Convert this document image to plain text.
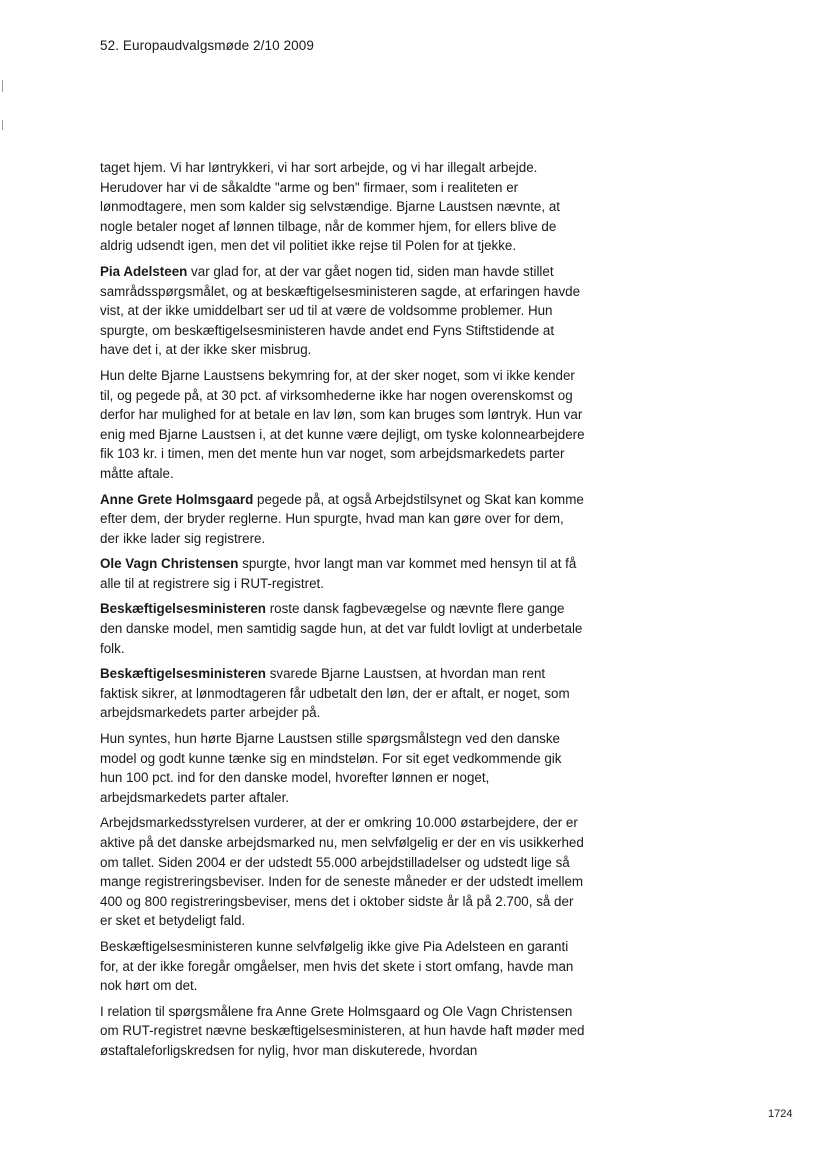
52. Europaudvalgsmøde 2/10 2009

taget hjem. Vi har løntrykkeri, vi har sort arbejde, og vi har illegalt arbejde. Herudover har vi de såkaldte "arme og ben" firmaer, som i realiteten er lønmodtagere, men som kalder sig selvstændige. Bjarne Laustsen nævnte, at nogle betaler noget af lønnen tilbage, når de kommer hjem, for ellers blive de aldrig udsendt igen, men det vil politiet ikke rejse til Polen for at tjekke.

Pia Adelsteen var glad for, at der var gået nogen tid, siden man havde stillet samrådsspørgsmålet, og at beskæftigelsesministeren sagde, at erfaringen havde vist, at der ikke umiddelbart ser ud til at være de voldsomme problemer. Hun spurgte, om beskæftigelsesministeren havde andet end Fyns Stiftstidende at have det i, at der ikke sker misbrug.

Hun delte Bjarne Laustsens bekymring for, at der sker noget, som vi ikke kender til, og pegede på, at 30 pct. af virksomhederne ikke har nogen overenskomst og derfor har mulighed for at betale en lav løn, som kan bruges som løntryk. Hun var enig med Bjarne Laustsen i, at det kunne være dejligt, om tyske kolonnearbejdere fik 103 kr. i timen, men det mente hun var noget, som arbejdsmarkedets parter måtte aftale.

Anne Grete Holmsgaard pegede på, at også Arbejdstilsynet og Skat kan komme efter dem, der bryder reglerne. Hun spurgte, hvad man kan gøre over for dem, der ikke lader sig registrere.

Ole Vagn Christensen spurgte, hvor langt man var kommet med hensyn til at få alle til at registrere sig i RUT-registret.

Beskæftigelsesministeren roste dansk fagbevægelse og nævnte flere gange den danske model, men samtidig sagde hun, at det var fuldt lovligt at underbetale folk.

Beskæftigelsesministeren svarede Bjarne Laustsen, at hvordan man rent faktisk sikrer, at lønmodtageren får udbetalt den løn, der er aftalt, er noget, som arbejdsmarkedets parter arbejder på.

Hun syntes, hun hørte Bjarne Laustsen stille spørgsmålstegn ved den danske model og godt kunne tænke sig en mindsteløn. For sit eget vedkommende gik hun 100 pct. ind for den danske model, hvorefter lønnen er noget, arbejdsmarkedets parter aftaler.

Arbejdsmarkedsstyrelsen vurderer, at der er omkring 10.000 østarbejdere, der er aktive på det danske arbejdsmarked nu, men selvfølgelig er der en vis usikkerhed om tallet. Siden 2004 er der udstedt 55.000 arbejdstilladelser og udstedt lige så mange registreringsbeviser. Inden for de seneste måneder er der udstedt imellem 400 og 800 registreringsbeviser, mens det i oktober sidste år lå på 2.700, så der er sket et betydeligt fald.

Beskæftigelsesministeren kunne selvfølgelig ikke give Pia Adelsteen en garanti for, at der ikke foregår omgåelser, men hvis det skete i stort omfang, havde man nok hørt om det.

I relation til spørgsmålene fra Anne Grete Holmsgaard og Ole Vagn Christensen om RUT-registret nævne beskæftigelsesministeren, at hun havde haft møder med østaftaleforligskredsen for nylig, hvor man diskuterede, hvordan

1724
